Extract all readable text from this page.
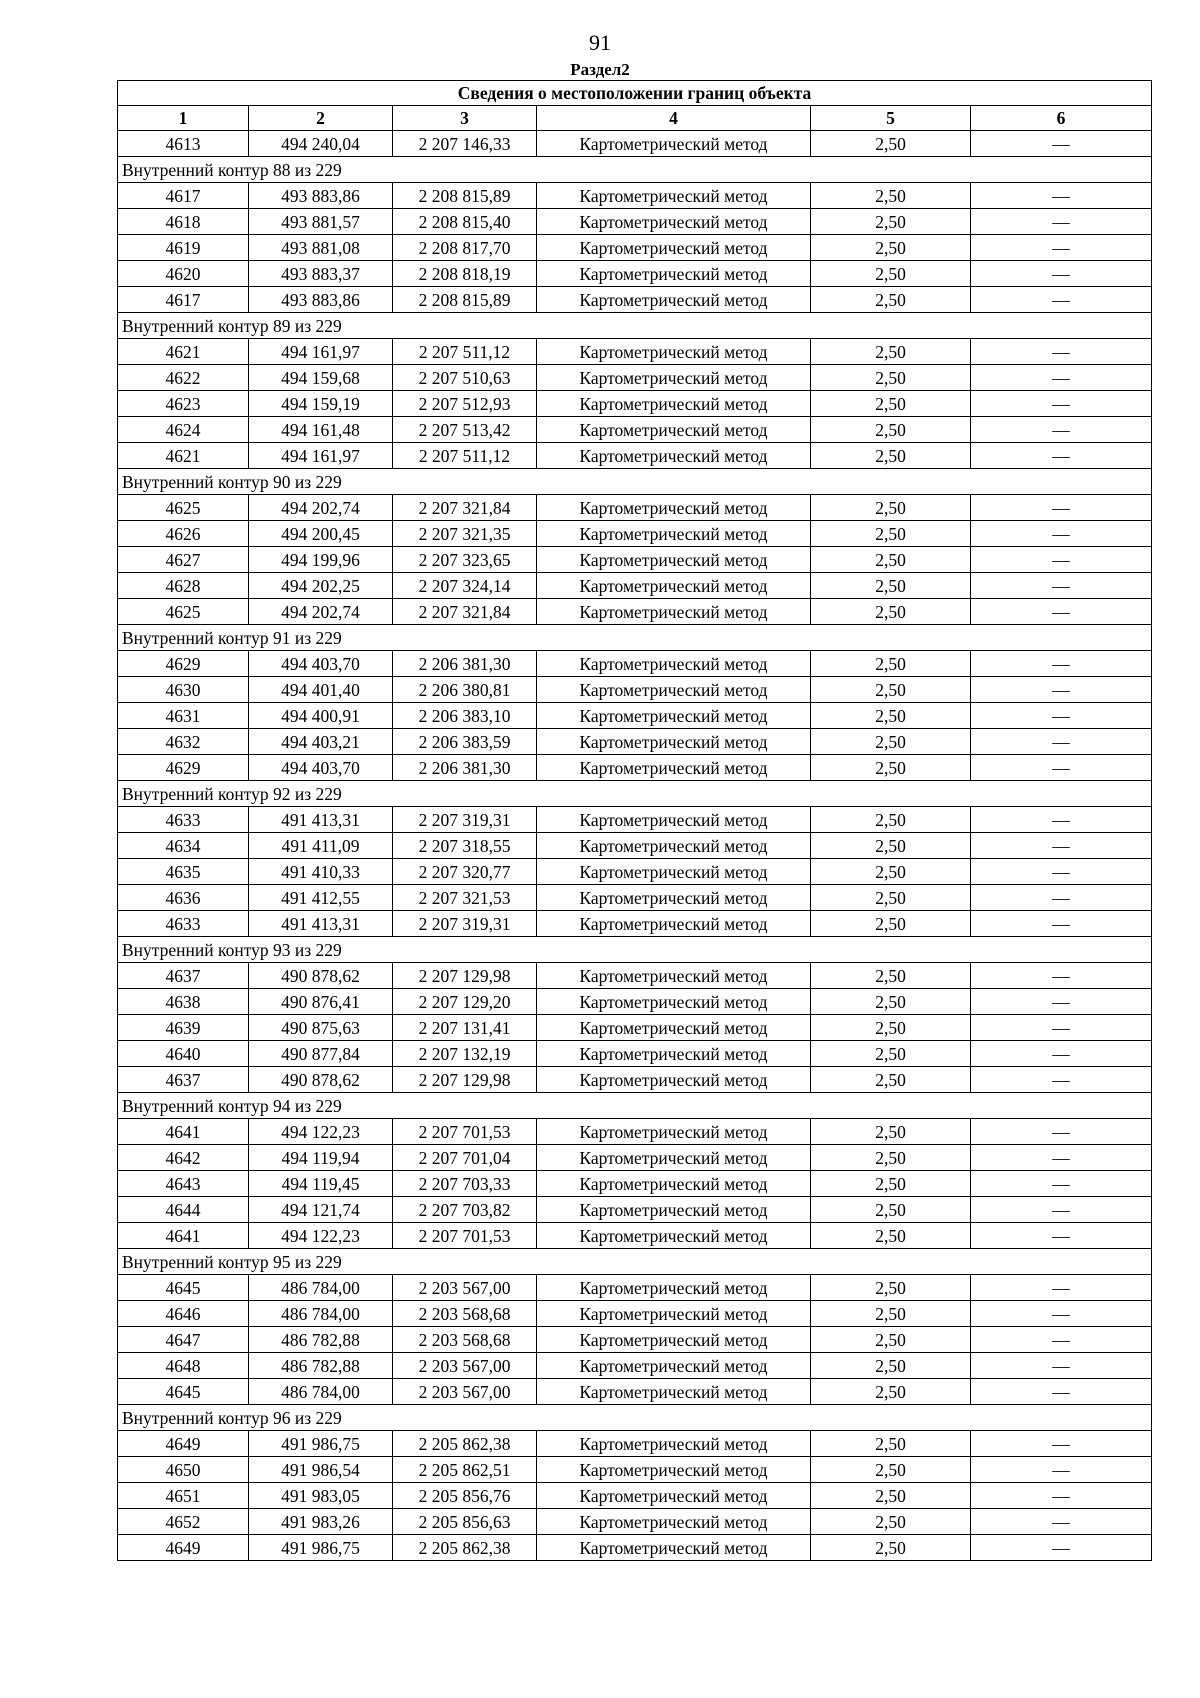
91
Раздел2
Сведения о местоположении границ объекта					
1	2	3	4	5	6
4613	494 240,04	2 207 146,33	Картометрический метод	2,50	—
Внутренний контур 88 из 229					
4617	493 883,86	2 208 815,89	Картометрический метод	2,50	—
4618	493 881,57	2 208 815,40	Картометрический метод	2,50	—
4619	493 881,08	2 208 817,70	Картометрический метод	2,50	—
4620	493 883,37	2 208 818,19	Картометрический метод	2,50	—
4617	493 883,86	2 208 815,89	Картометрический метод	2,50	—
Внутренний контур 89 из 229					
4621	494 161,97	2 207 511,12	Картометрический метод	2,50	—
4622	494 159,68	2 207 510,63	Картометрический метод	2,50	—
4623	494 159,19	2 207 512,93	Картометрический метод	2,50	—
4624	494 161,48	2 207 513,42	Картометрический метод	2,50	—
4621	494 161,97	2 207 511,12	Картометрический метод	2,50	—
Внутренний контур 90 из 229					
4625	494 202,74	2 207 321,84	Картометрический метод	2,50	—
4626	494 200,45	2 207 321,35	Картометрический метод	2,50	—
4627	494 199,96	2 207 323,65	Картометрический метод	2,50	—
4628	494 202,25	2 207 324,14	Картометрический метод	2,50	—
4625	494 202,74	2 207 321,84	Картометрический метод	2,50	—
Внутренний контур 91 из 229					
4629	494 403,70	2 206 381,30	Картометрический метод	2,50	—
4630	494 401,40	2 206 380,81	Картометрический метод	2,50	—
4631	494 400,91	2 206 383,10	Картометрический метод	2,50	—
4632	494 403,21	2 206 383,59	Картометрический метод	2,50	—
4629	494 403,70	2 206 381,30	Картометрический метод	2,50	—
Внутренний контур 92 из 229					
4633	491 413,31	2 207 319,31	Картометрический метод	2,50	—
4634	491 411,09	2 207 318,55	Картометрический метод	2,50	—
4635	491 410,33	2 207 320,77	Картометрический метод	2,50	—
4636	491 412,55	2 207 321,53	Картометрический метод	2,50	—
4633	491 413,31	2 207 319,31	Картометрический метод	2,50	—
Внутренний контур 93 из 229					
4637	490 878,62	2 207 129,98	Картометрический метод	2,50	—
4638	490 876,41	2 207 129,20	Картометрический метод	2,50	—
4639	490 875,63	2 207 131,41	Картометрический метод	2,50	—
4640	490 877,84	2 207 132,19	Картометрический метод	2,50	—
4637	490 878,62	2 207 129,98	Картометрический метод	2,50	—
Внутренний контур 94 из 229					
4641	494 122,23	2 207 701,53	Картометрический метод	2,50	—
4642	494 119,94	2 207 701,04	Картометрический метод	2,50	—
4643	494 119,45	2 207 703,33	Картометрический метод	2,50	—
4644	494 121,74	2 207 703,82	Картометрический метод	2,50	—
4641	494 122,23	2 207 701,53	Картометрический метод	2,50	—
Внутренний контур 95 из 229					
4645	486 784,00	2 203 567,00	Картометрический метод	2,50	—
4646	486 784,00	2 203 568,68	Картометрический метод	2,50	—
4647	486 782,88	2 203 568,68	Картометрический метод	2,50	—
4648	486 782,88	2 203 567,00	Картометрический метод	2,50	—
4645	486 784,00	2 203 567,00	Картометрический метод	2,50	—
Внутренний контур 96 из 229					
4649	491 986,75	2 205 862,38	Картометрический метод	2,50	—
4650	491 986,54	2 205 862,51	Картометрический метод	2,50	—
4651	491 983,05	2 205 856,76	Картометрический метод	2,50	—
4652	491 983,26	2 205 856,63	Картометрический метод	2,50	—
4649	491 986,75	2 205 862,38	Картометрический метод	2,50	—
